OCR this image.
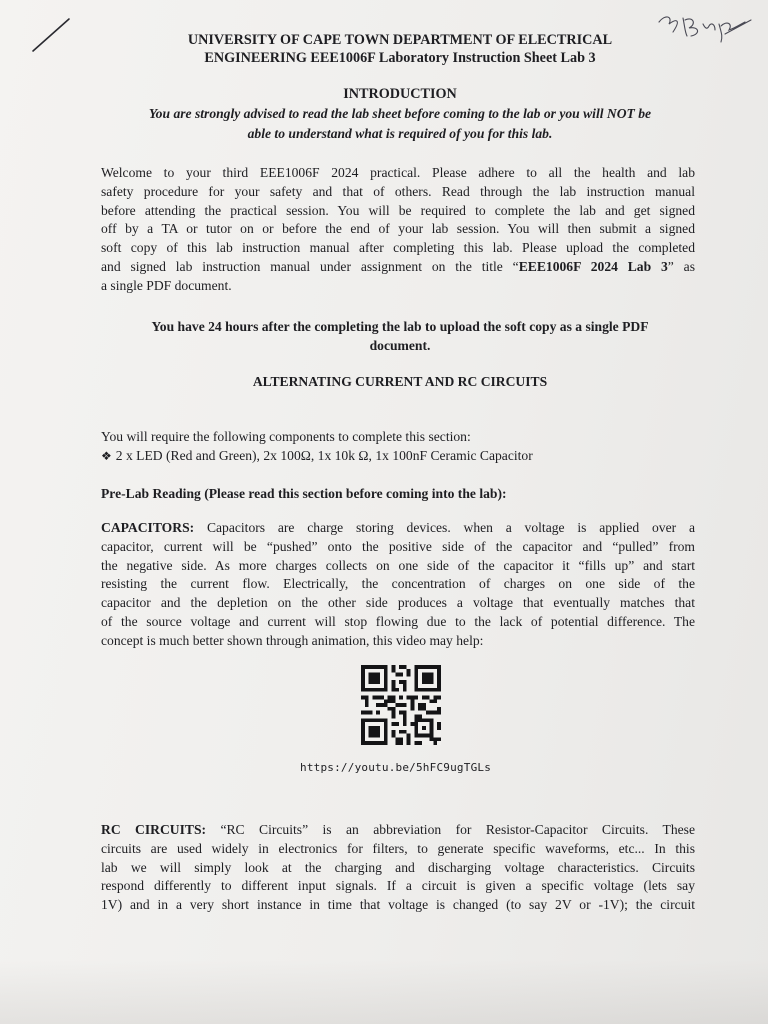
UNIVERSITY OF CAPE TOWN DEPARTMENT OF ELECTRICAL
ENGINEERING EEE1006F Laboratory Instruction Sheet Lab 3
INTRODUCTION
You are strongly advised to read the lab sheet before coming to the lab or you will NOT be
able to understand what is required of you for this lab.
Welcome to your third EEE1006F 2024 practical. Please adhere to all the health and lab
safety procedure for your safety and that of others. Read through the lab instruction manual
before attending the practical session. You will be required to complete the lab and get signed
off by a TA or tutor on or before the end of your lab session. You will then submit a signed
soft copy of this lab instruction manual after completing this lab. Please upload the completed
and signed lab instruction manual under assignment on the title “EEE1006F 2024 Lab 3” as
a single PDF document.
You have 24 hours after the completing the lab to upload the soft copy as a single PDF
document.
ALTERNATING CURRENT AND RC CIRCUITS
You will require the following components to complete this section:
❖ 2 x LED (Red and Green), 2x 100Ω, 1x 10k Ω, 1x 100nF Ceramic Capacitor
Pre-Lab Reading (Please read this section before coming into the lab):
CAPACITORS: Capacitors are charge storing devices. when a voltage is applied over a
capacitor, current will be “pushed” onto the positive side of the capacitor and “pulled” from
the negative side. As more charges collects on one side of the capacitor it “fills up” and start
resisting the current flow. Electrically, the concentration of charges on one side of the
capacitor and the depletion on the other side produces a voltage that eventually matches that
of the source voltage and current will stop flowing due to the lack of potential difference. The
concept is much better shown through animation, this video may help:
https://youtu.be/5hFC9ugTGLs
RC CIRCUITS: “RC Circuits” is an abbreviation for Resistor-Capacitor Circuits. These
circuits are used widely in electronics for filters, to generate specific waveforms, etc... In this
lab we will simply look at the charging and discharging voltage characteristics. Circuits
respond differently to different input signals. If a circuit is given a specific voltage (lets say
1V) and in a very short instance in time that voltage is changed (to say 2V or -1V); the circuit
